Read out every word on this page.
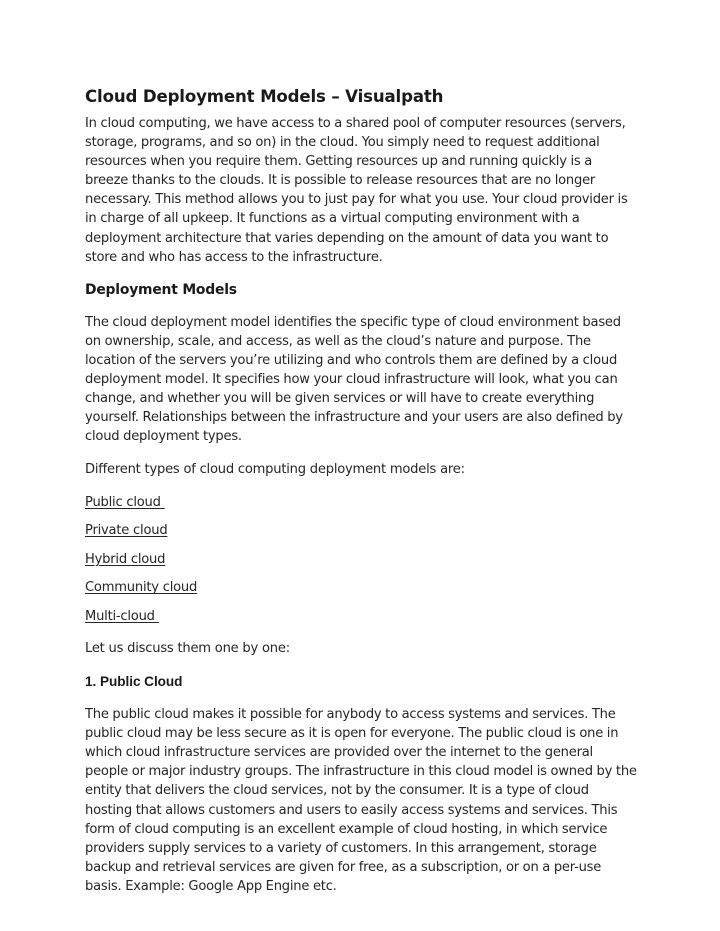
Cloud Deployment Models – Visualpath

In cloud computing, we have access to a shared pool of computer resources (servers, storage, programs, and so on) in the cloud. You simply need to request additional resources when you require them. Getting resources up and running quickly is a breeze thanks to the clouds. It is possible to release resources that are no longer necessary. This method allows you to just pay for what you use. Your cloud provider is in charge of all upkeep. It functions as a virtual computing environment with a deployment architecture that varies depending on the amount of data you want to store and who has access to the infrastructure.

Deployment Models

The cloud deployment model identifies the specific type of cloud environment based on ownership, scale, and access, as well as the cloud’s nature and purpose. The location of the servers you’re utilizing and who controls them are defined by a cloud deployment model. It specifies how your cloud infrastructure will look, what you can change, and whether you will be given services or will have to create everything yourself. Relationships between the infrastructure and your users are also defined by cloud deployment types.

Different types of cloud computing deployment models are:

Public cloud
Private cloud
Hybrid cloud
Community cloud
Multi-cloud

Let us discuss them one by one:

1. Public Cloud

The public cloud makes it possible for anybody to access systems and services. The public cloud may be less secure as it is open for everyone. The public cloud is one in which cloud infrastructure services are provided over the internet to the general people or major industry groups. The infrastructure in this cloud model is owned by the entity that delivers the cloud services, not by the consumer. It is a type of cloud hosting that allows customers and users to easily access systems and services. This form of cloud computing is an excellent example of cloud hosting, in which service providers supply services to a variety of customers. In this arrangement, storage backup and retrieval services are given for free, as a subscription, or on a per-use basis. Example: Google App Engine etc.
